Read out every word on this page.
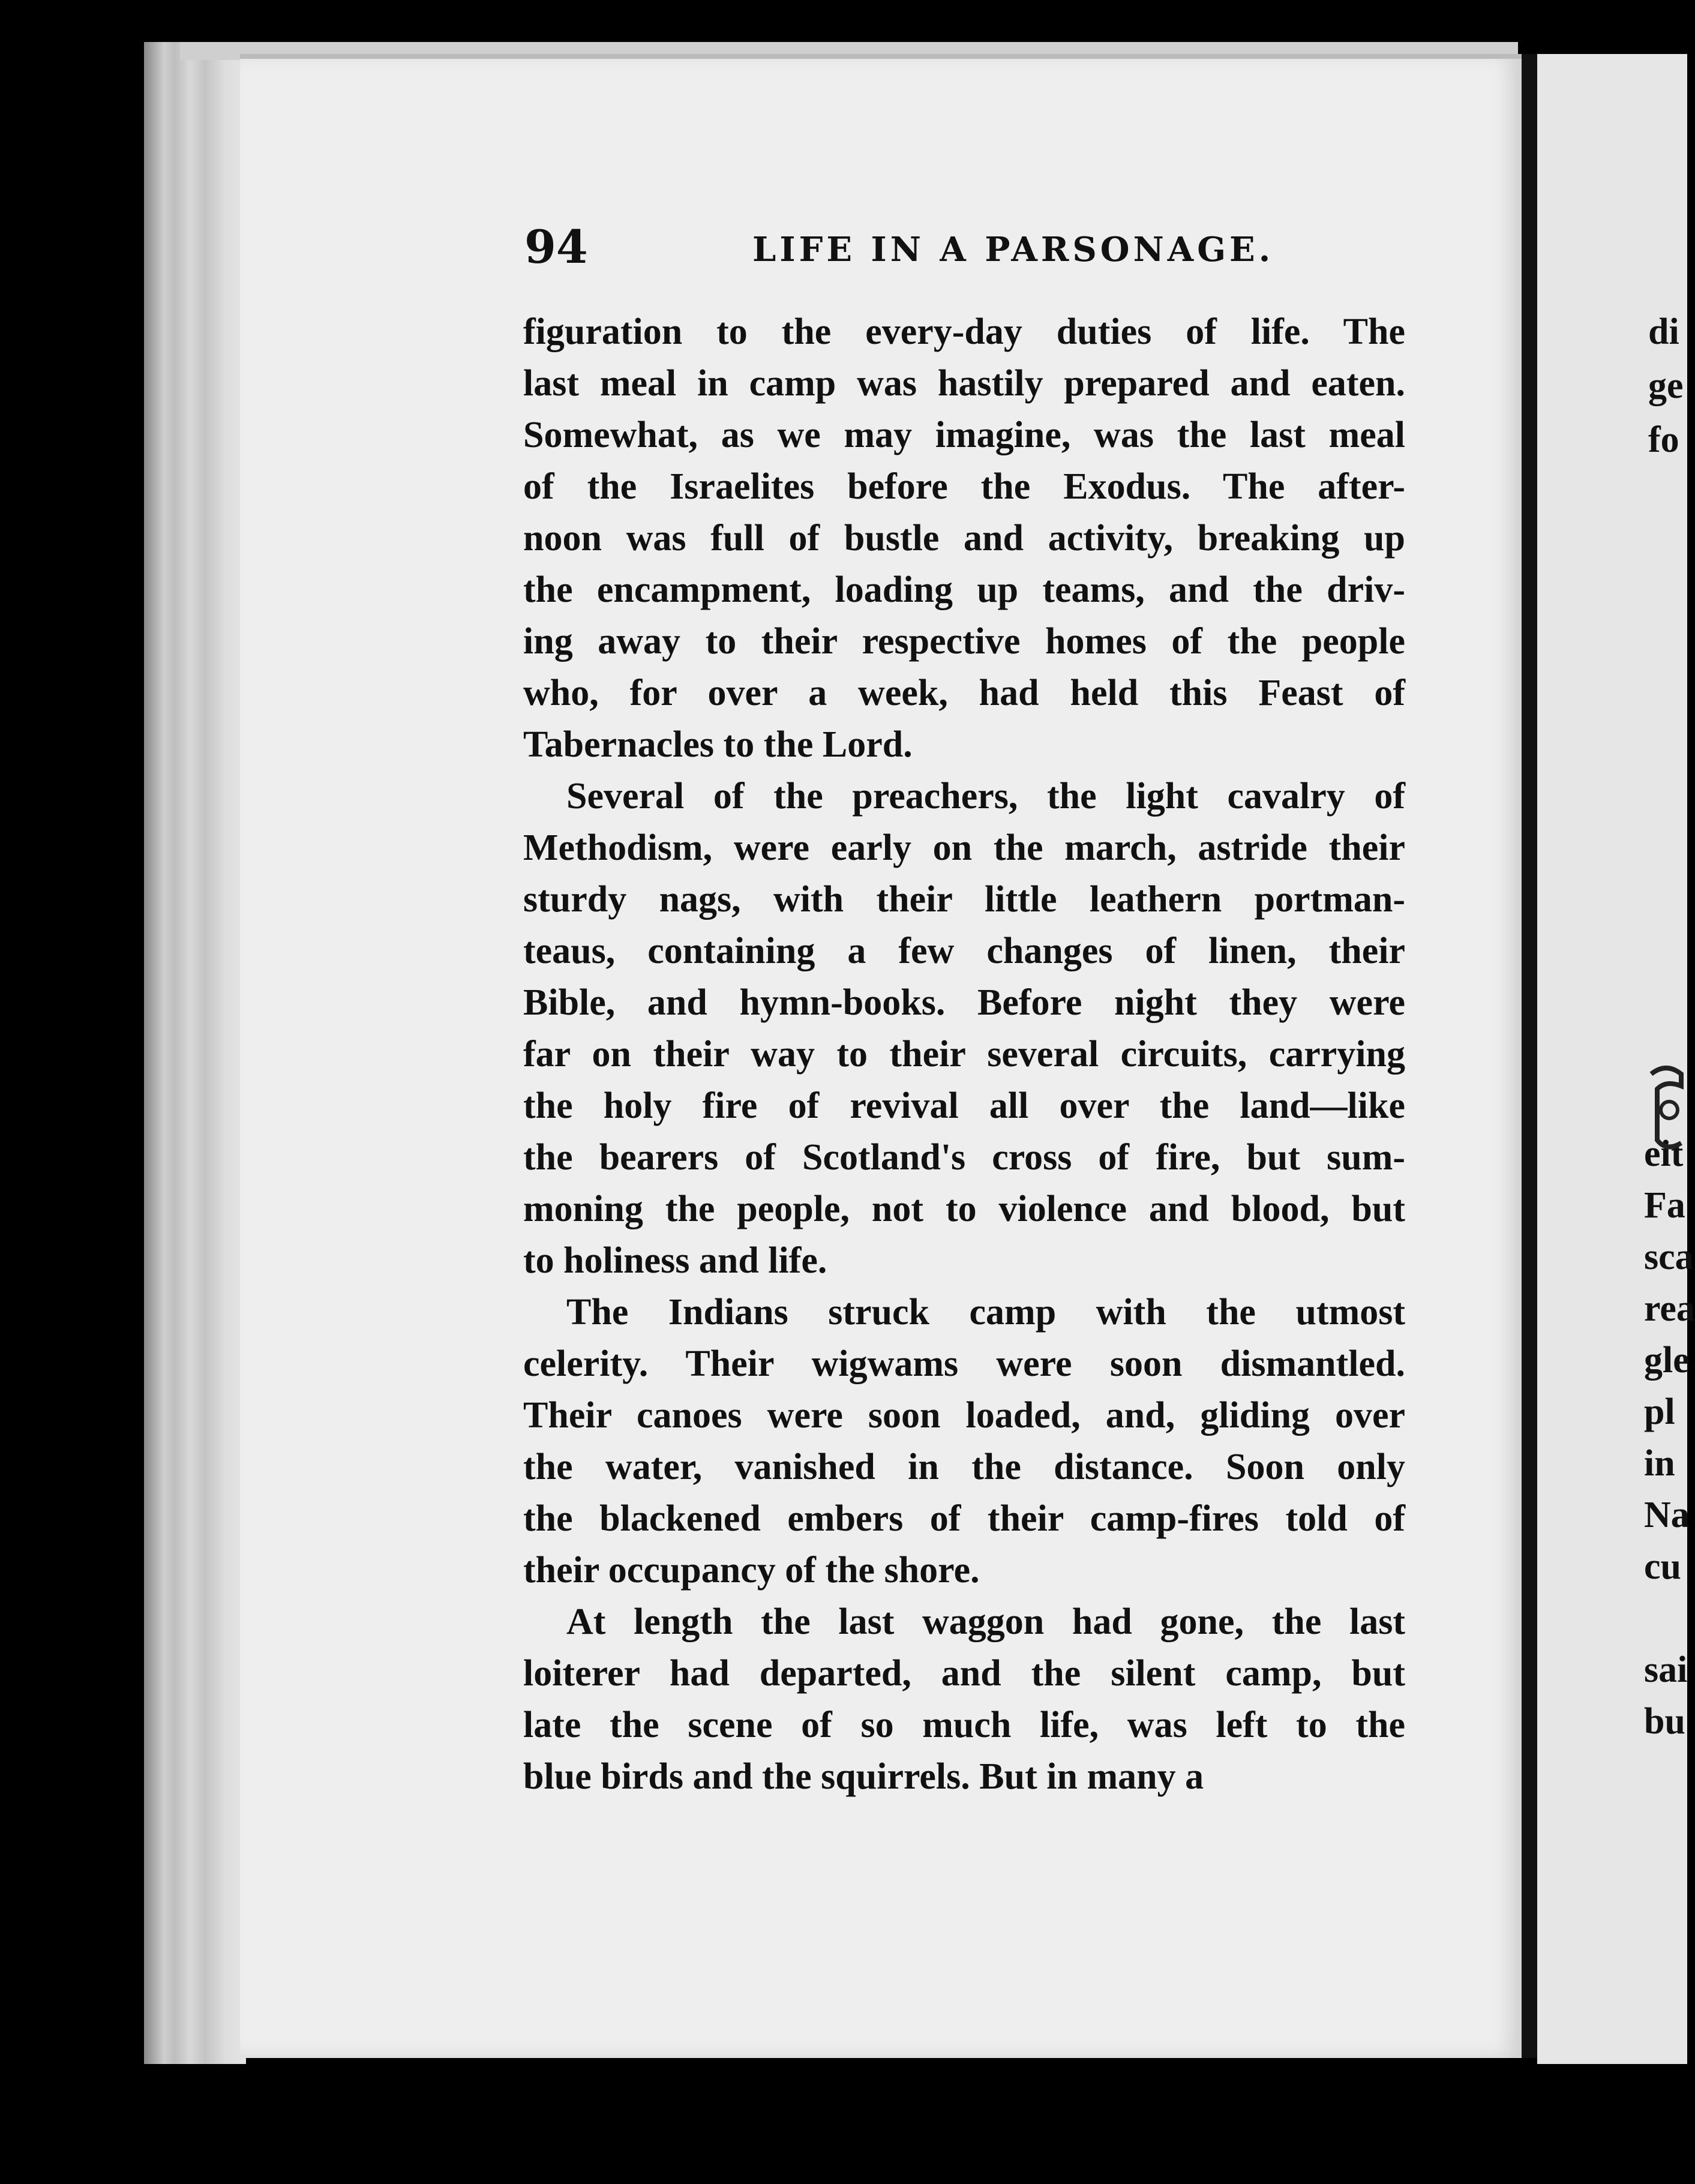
di
ge
fo
eit
Fa
sca
rea
gle
pl
in
Na
cu
sai
bu
94	LIFE IN A PARSONAGE.
figuration to the every-day duties of life. The
last meal in camp was hastily prepared and eaten.
Somewhat, as we may imagine, was the last meal
of the Israelites before the Exodus. The after-
noon was full of bustle and activity, breaking up
the encampment, loading up teams, and the driv-
ing away to their respective homes of the people
who, for over a week, had held this Feast of
Tabernacles to the Lord.
Several of the preachers, the light cavalry of
Methodism, were early on the march, astride their
sturdy nags, with their little leathern portman-
teaus, containing a few changes of linen, their
Bible, and hymn-books. Before night they were
far on their way to their several circuits, carrying
the holy fire of revival all over the land—like
the bearers of Scotland's cross of fire, but sum-
moning the people, not to violence and blood, but
to holiness and life.
The Indians struck camp with the utmost
celerity. Their wigwams were soon dismantled.
Their canoes were soon loaded, and, gliding over
the water, vanished in the distance. Soon only
the blackened embers of their camp-fires told of
their occupancy of the shore.
At length the last waggon had gone, the last
loiterer had departed, and the silent camp, but
late the scene of so much life, was left to the
blue birds and the squirrels. But in many a
